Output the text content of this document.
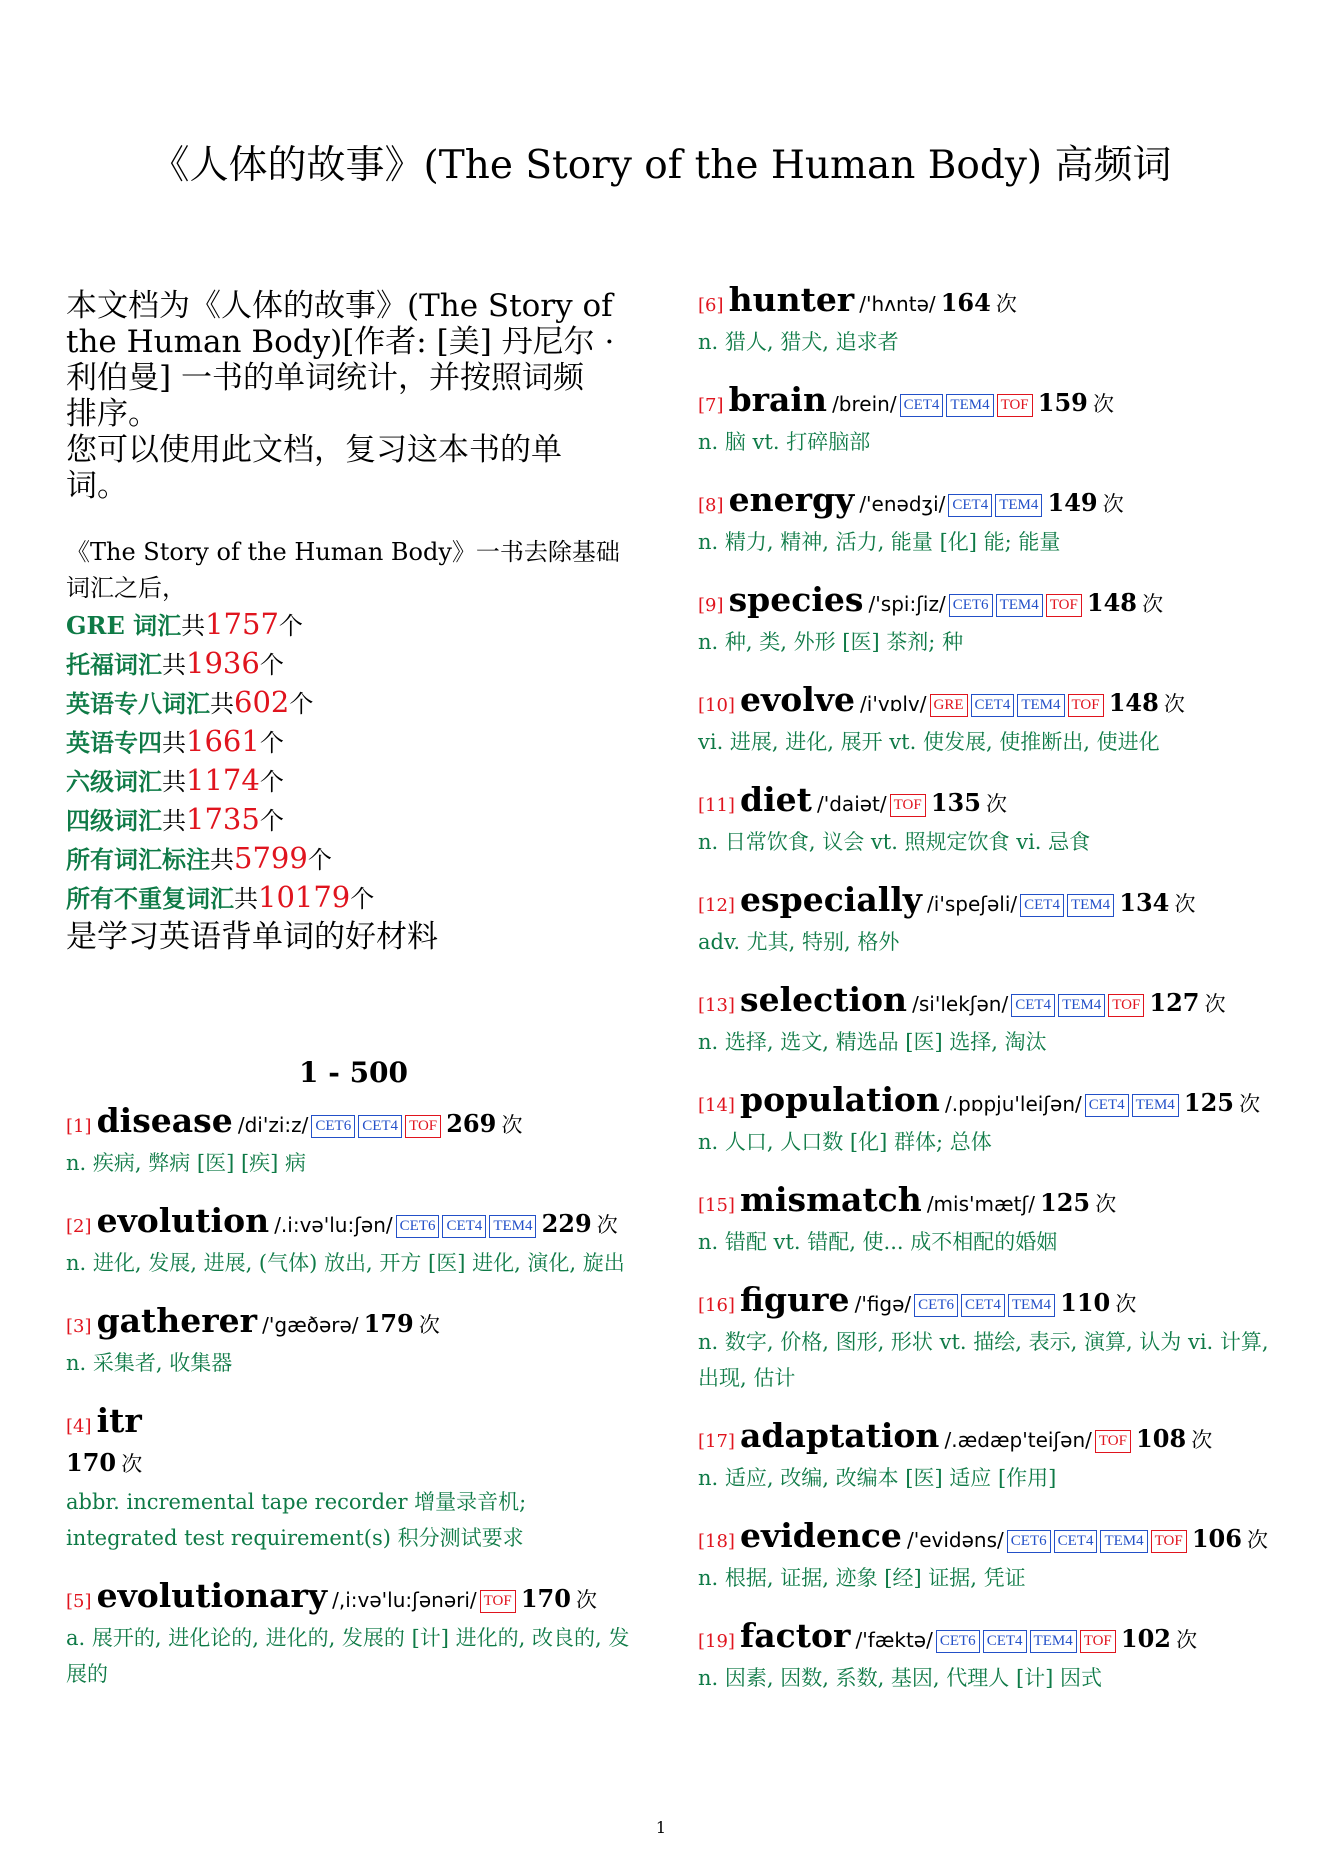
《人体的故事》(The Story of the Human Body) 高频词
本文档为《人体的故事》(The Story of
the Human Body)[作者: [美] 丹尼尔 ·
利伯曼] 一书的单词统计，并按照词频
排序。
您可以使用此文档，复习这本书的单
词。
《The Story of the Human Body》一书去除基础词汇之后，
GRE 词汇共1757个
托福词汇共1936个
英语专八词汇共602个
英语专四共1661个
六级词汇共1174个
四级词汇共1735个
所有词汇标注共5799个
所有不重复词汇共10179个
是学习英语背单词的好材料
1 - 500
[1] disease /di'zi:z/ CET6 CET4 TOF 269 次
n. 疾病, 弊病 [医] [疾] 病
[2] evolution /.i:və'lu:ʃən/ CET6 CET4 TEM4 229 次
n. 进化, 发展, 进展, (气体) 放出, 开方 [医] 进化, 演化, 旋出
[3] gatherer /'gæðərə/ 179 次
n. 采集者, 收集器
[4] itr
170 次
abbr. incremental tape recorder 增量录音机; integrated test requirement(s) 积分测试要求
[5] evolutionary /,i:və'lu:ʃənəri/ TOF 170 次
a. 展开的, 进化论的, 进化的, 发展的 [计] 进化的, 改良的, 发展的
[6] hunter /'hʌntə/ 164 次
n. 猎人, 猎犬, 追求者
[7] brain /brein/ CET4 TEM4 TOF 159 次
n. 脑 vt. 打碎脑部
[8] energy /'enədʒi/ CET4 TEM4 149 次
n. 精力, 精神, 活力, 能量 [化] 能; 能量
[9] species /'spi:ʃiz/ CET6 TEM4 TOF 148 次
n. 种, 类, 外形 [医] 茶剂; 种
[10] evolve /i'vɒlv/ GRE CET4 TEM4 TOF 148 次
vi. 进展, 进化, 展开 vt. 使发展, 使推断出, 使进化
[11] diet /'daiət/ TOF 135 次
n. 日常饮食, 议会 vt. 照规定饮食 vi. 忌食
[12] especially /i'speʃəli/ CET4 TEM4 134 次
adv. 尤其, 特别, 格外
[13] selection /si'lekʃən/ CET4 TEM4 TOF 127 次
n. 选择, 选文, 精选品 [医] 选择, 淘汰
[14] population /.pɒpju'leiʃən/ CET4 TEM4 125 次
n. 人口, 人口数 [化] 群体; 总体
[15] mismatch /mis'mætʃ/ 125 次
n. 错配 vt. 错配, 使... 成不相配的婚姻
[16] figure /'figə/ CET6 CET4 TEM4 110 次
n. 数字, 价格, 图形, 形状 vt. 描绘, 表示, 演算, 认为 vi. 计算, 出现, 估计
[17] adaptation /.ædæp'teiʃən/ TOF 108 次
n. 适应, 改编, 改编本 [医] 适应 [作用]
[18] evidence /'evidəns/ CET6 CET4 TEM4 TOF 106 次
n. 根据, 证据, 迹象 [经] 证据, 凭证
[19] factor /'fæktə/ CET6 CET4 TEM4 TOF 102 次
n. 因素, 因数, 系数, 基因, 代理人 [计] 因式
1
